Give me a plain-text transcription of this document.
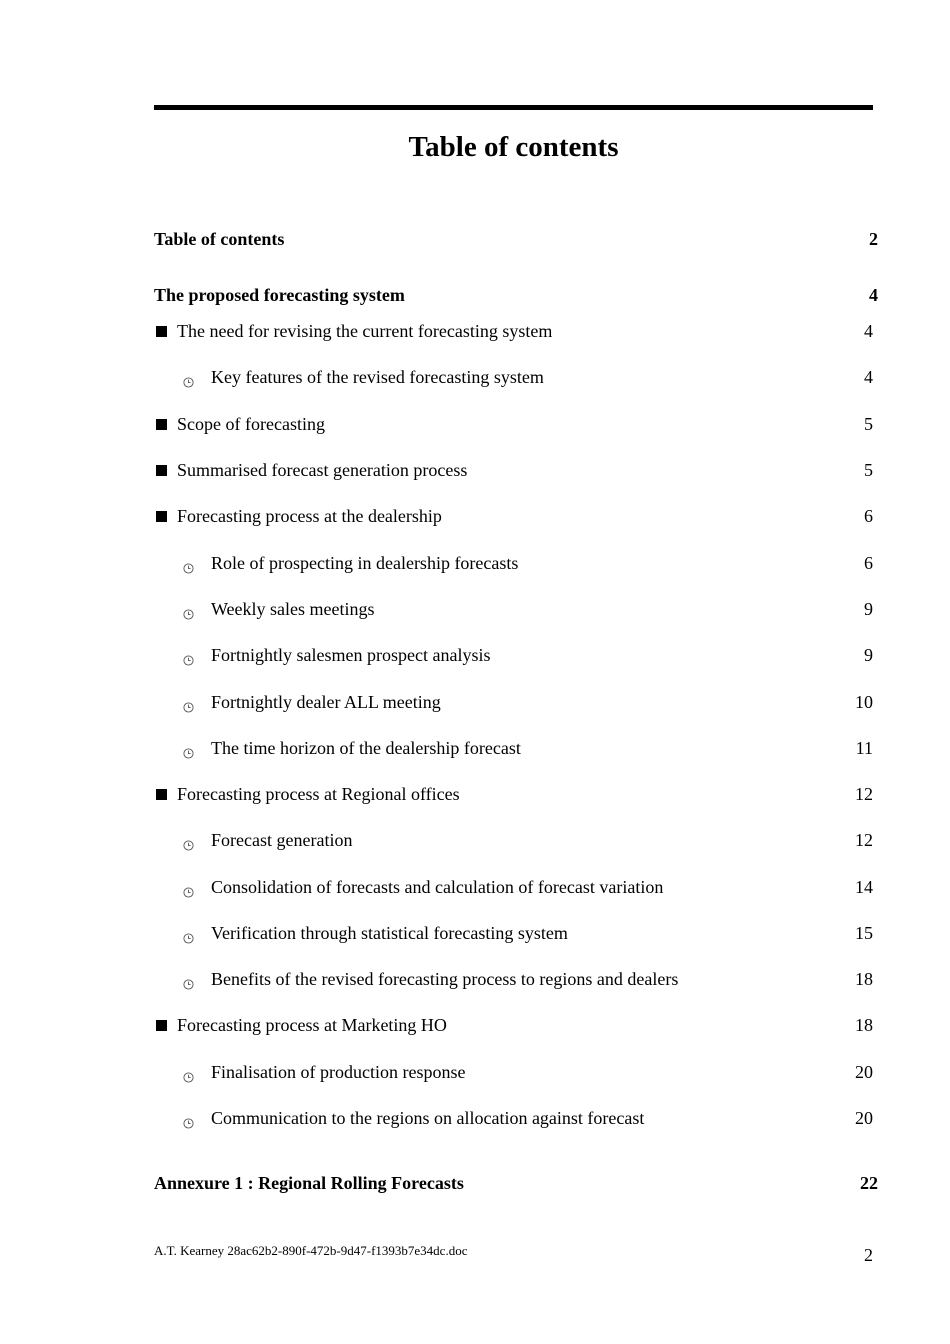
Table of contents
Table of contents	2
The proposed forecasting system	4
The need for revising the current forecasting system	4
Key features of the revised forecasting system	4
Scope of forecasting	5
Summarised forecast generation process	5
Forecasting process at the dealership	6
Role of prospecting in dealership forecasts	6
Weekly sales meetings	9
Fortnightly salesmen prospect analysis	9
Fortnightly dealer ALL meeting	10
The time horizon of the dealership forecast	11
Forecasting process at Regional offices	12
Forecast generation	12
Consolidation of forecasts and calculation of forecast variation	14
Verification through statistical forecasting system	15
Benefits of the revised forecasting process to regions and dealers	18
Forecasting process at Marketing HO	18
Finalisation of production response	20
Communication to the regions on allocation against forecast	20
Annexure 1 : Regional Rolling Forecasts	22
A.T. Kearney 28ac62b2-890f-472b-9d47-f1393b7e34dc.doc	2
